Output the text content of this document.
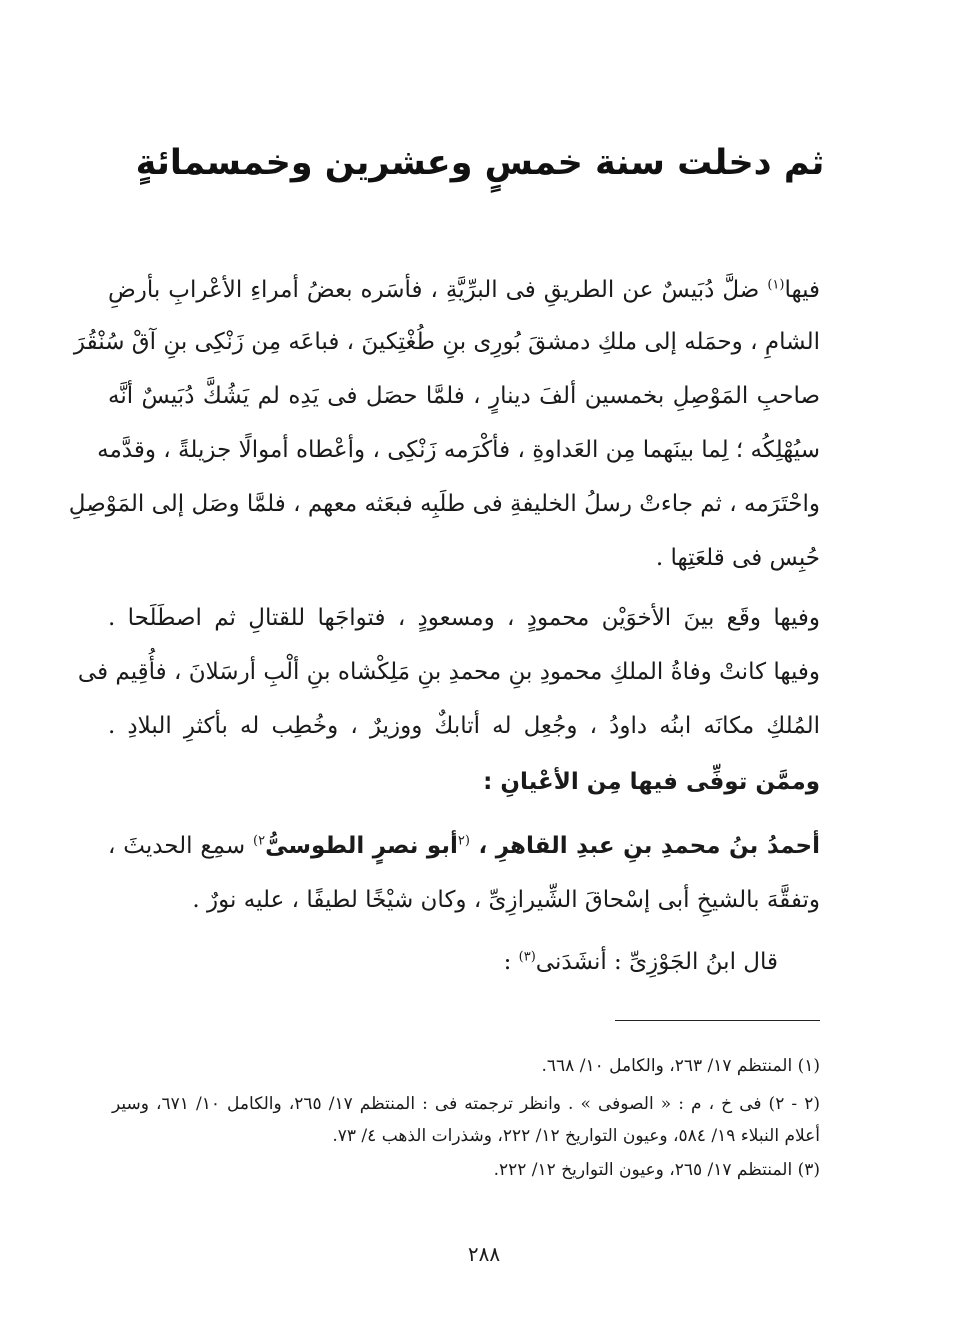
ثم دخلت سنة خمسٍ وعشرين وخمسمائةٍ
فيها$^{(١)}$ ضلَّ دُبَيسٌ عن الطريقِ فى البرِّيَّةِ ، فأسَره بعضُ أمراءِ الأعْرابِ بأرضِ
الشامِ ، وحمَله إلى ملكِ دمشقَ بُورِى بنِ طُغْتِكينَ ، فباعَه مِن زَنْكِى بنِ آقْ سُنْقُرَ
صاحبِ المَوْصِلِ بخمسين ألفَ دينارٍ ، فلمَّا حصَل فى يَدِه لم يَشُكَّ دُبَيسٌ أنَّه
سيُهْلِكُه ؛ لِما بينَهما مِن العَداوةِ ، فأكْرَمه زَنْكِى ، وأعْطاه أموالًا جزيلةً ، وقدَّمه
واحْتَرَمه ، ثم جاءتْ رسلُ الخليفةِ فى طلَبِه فبعَثه معهم ، فلمَّا وصَل إلى المَوْصِلِ
حُبِس فى قلعَتِها .
وفيها وقَع بينَ الأخوَيْن محمودٍ ، ومسعودٍ ، فتواجَها للقتالِ ثم اصطَلَحا .
وفيها كانتْ وفاةُ الملكِ محمودِ بنِ محمدِ بنِ مَلِكْشاه بنِ ألْبِ أرسَلانَ ، فأُقِيم فى
المُلكِ مكانَه ابنُه داودُ ، وجُعِل له أتابكٌ ووزيرٌ ، وخُطِب له بأكثرِ البلادِ .
وممَّن توفِّى فيها مِن الأعْيانِ :
أحمدُ بنُ محمدِ بنِ عبدِ القاهرِ ، $^{(٢}$أبو نصرٍ الطوسىُّ$^{٢)}$ سمِع الحديثَ ،
وتفقَّهَ بالشيخِ أبى إسْحاقَ الشِّيرازِىِّ ، وكان شيْخًا لطيفًا ، عليه نورٌ .
قال ابنُ الجَوْزِىِّ : أنشَدَنى$^{(٣)}$ :
(١) المنتظم ١٧/ ٢٦٣، والكامل ١٠/ ٦٦٨.
(٢ - ٢) فى خ ، م : « الصوفى » . وانظر ترجمته فى : المنتظم ١٧/ ٢٦٥، والكامل ١٠/ ٦٧١، وسير
أعلام النبلاء ١٩/ ٥٨٤، وعيون التواريخ ١٢/ ٢٢٢، وشذرات الذهب ٤/ ٧٣.
(٣) المنتظم ١٧/ ٢٦٥، وعيون التواريخ ١٢/ ٢٢٢.
٢٨٨
